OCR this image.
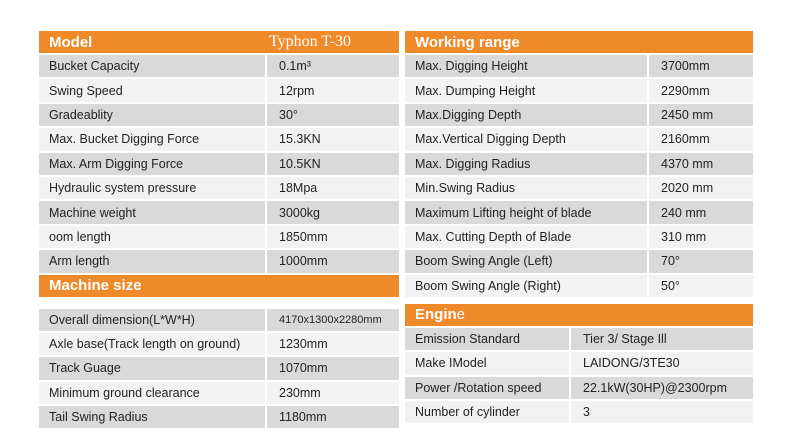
Model	Typhon T-30
Bucket Capacity	0.1m³
Swing Speed	12rpm
Gradeablity	30°
Max. Bucket Digging Force	15.3KN
Max. Arm Digging Force	10.5KN
Hydraulic system pressure	18Mpa
Machine weight	3000kg
oom length	1850mm
Arm length	1000mm
Machine size
Overall dimension(L*W*H)	4170x1300x2280mm
Axle base(Track length on ground)	1230mm
Track Guage	1070mm
Minimum ground clearance	230mm
Tail Swing Radius	1180mm
Working range
Max. Digging Height	3700mm
Max. Dumping Height	2290mm
Max.Digging Depth	2450 mm
Max.Vertical Digging Depth	2160mm
Max. Digging Radius	4370 mm
Min.Swing Radius	2020 mm
Maximum Lifting height of blade	240 mm
Max. Cutting Depth of Blade	310 mm
Boom Swing Angle (Left)	70°
Boom Swing Angle (Right)	50°
Engine
Emission Standard	Tier 3/ Stage Ill
Make IModel	LAIDONG/3TE30
Power /Rotation speed	22.1kW(30HP)@2300rpm
Number of cylinder	3
